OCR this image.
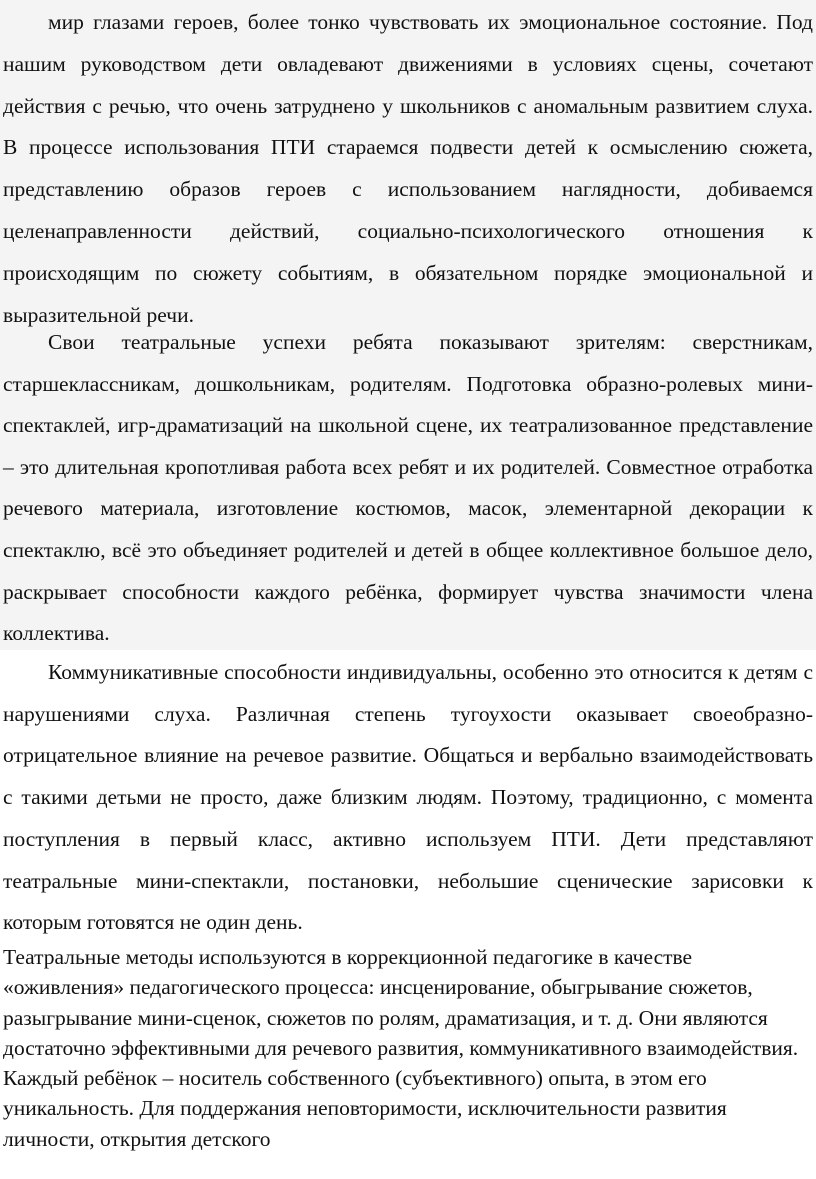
мир глазами героев, более тонко чувствовать их эмоциональное состояние. Под нашим руководством дети овладевают движениями в условиях сцены, сочетают действия с речью, что очень затруднено у школьников с аномальным развитием слуха. В процессе использования ПТИ стараемся подвести детей к осмыслению сюжета, представлению образов героев с использованием наглядности, добиваемся целенаправленности действий, социально-психологического отношения к происходящим по сюжету событиям, в обязательном порядке эмоциональной и выразительной речи.

Свои театральные успехи ребята показывают зрителям: сверстникам, старшеклассникам, дошкольникам, родителям. Подготовка образно-ролевых мини-спектаклей, игр-драматизаций на школьной сцене, их театрализованное представление – это длительная кропотливая работа всех ребят и их родителей. Совместное отработка речевого материала, изготовление костюмов, масок, элементарной декорации к спектаклю, всё это объединяет родителей и детей в общее коллективное большое дело, раскрывает способности каждого ребёнка, формирует чувства значимости члена коллектива.

Коммуникативные способности индивидуальны, особенно это относится к детям с нарушениями слуха. Различная степень тугоухости оказывает своеобразно-отрицательное влияние на речевое развитие. Общаться и вербально взаимодействовать с такими детьми не просто, даже близким людям. Поэтому, традиционно, с момента поступления в первый класс, активно используем ПТИ. Дети представляют театральные мини-спектакли, постановки, небольшие сценические зарисовки к которым готовятся не один день.

Театральные методы используются в коррекционной педагогике в качестве «оживления» педагогического процесса: инсценирование, обыгрывание сюжетов, разыгрывание мини-сценок, сюжетов по ролям, драматизация, и т. д. Они являются достаточно эффективными для речевого развития, коммуникативного взаимодействия. Каждый ребёнок – носитель собственного (субъективного) опыта, в этом его уникальность. Для поддержания неповторимости, исключительности развития личности, открытия детского
